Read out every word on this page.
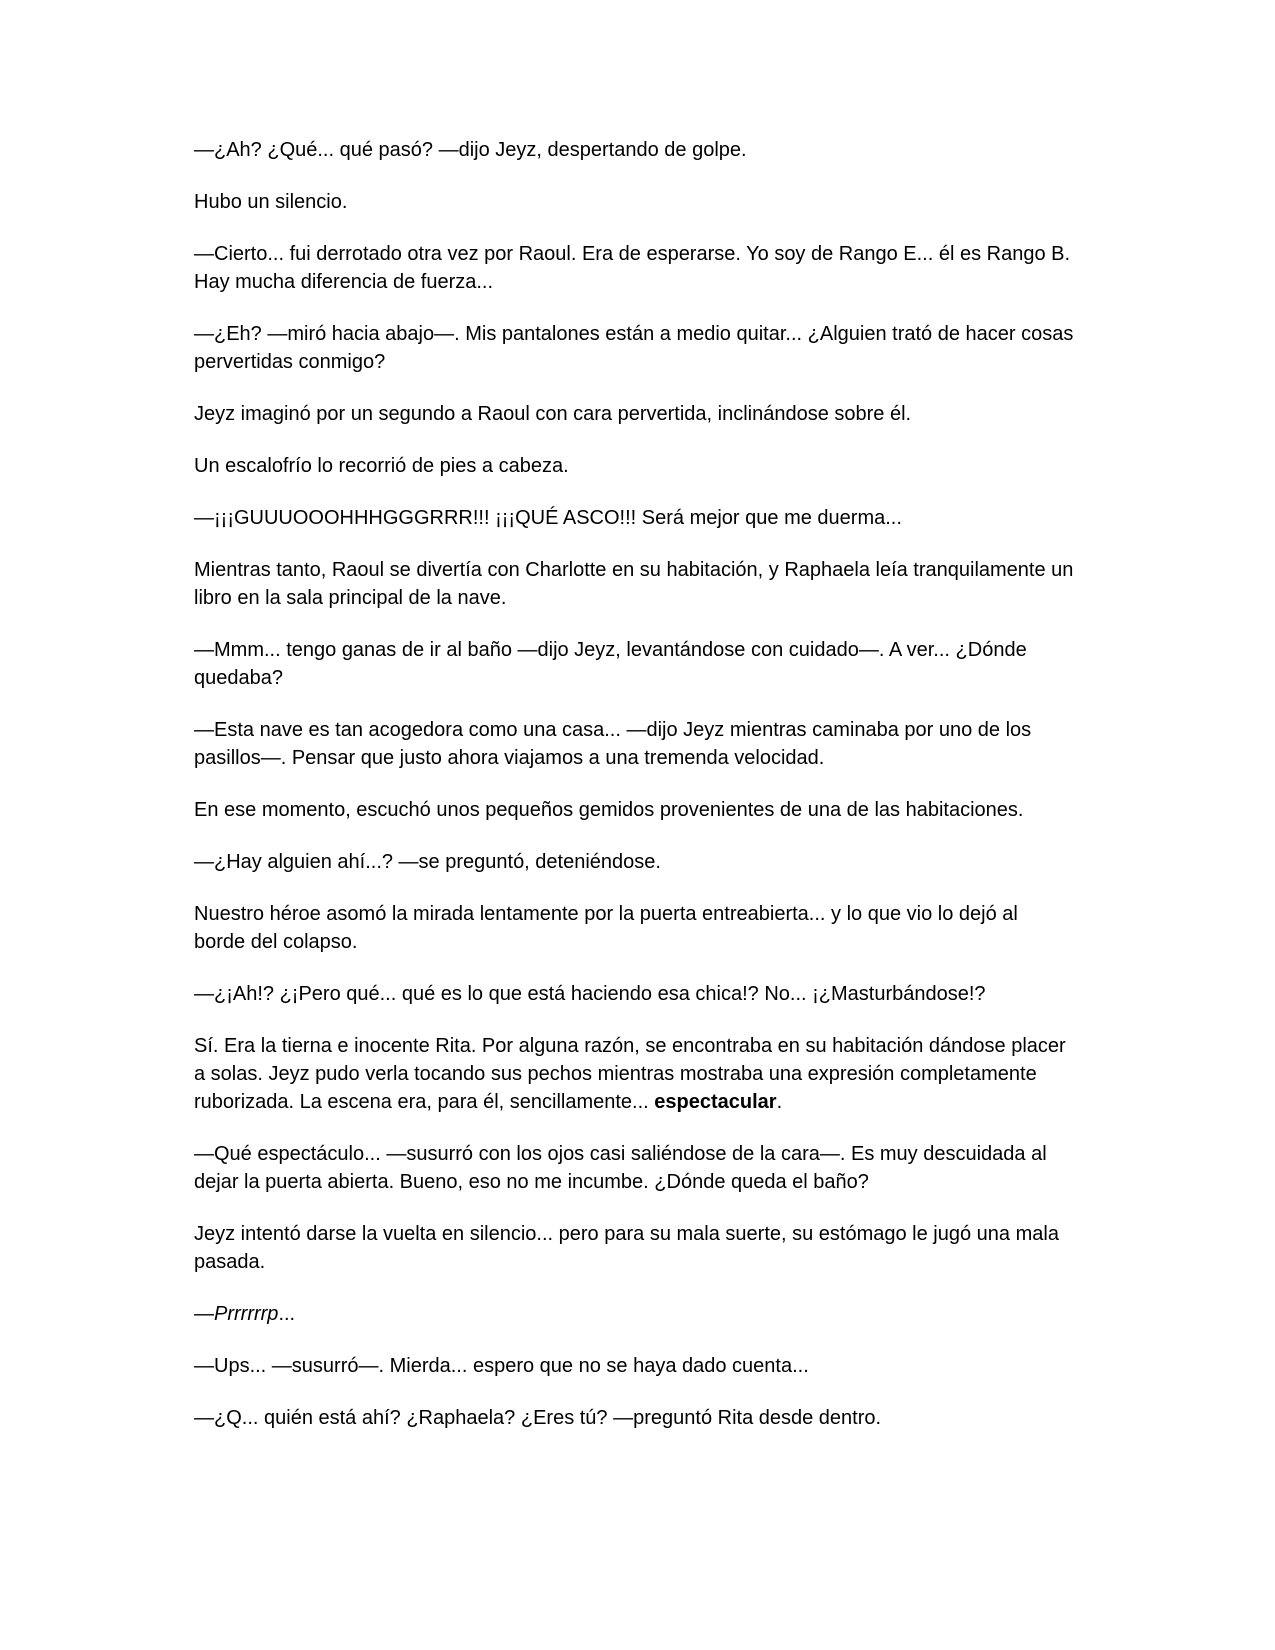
—¿Ah? ¿Qué... qué pasó? —dijo Jeyz, despertando de golpe.

Hubo un silencio.

—Cierto... fui derrotado otra vez por Raoul. Era de esperarse. Yo soy de Rango E... él es Rango B. Hay mucha diferencia de fuerza...

—¿Eh? —miró hacia abajo—. Mis pantalones están a medio quitar... ¿Alguien trató de hacer cosas pervertidas conmigo?

Jeyz imaginó por un segundo a Raoul con cara pervertida, inclinándose sobre él.

Un escalofrío lo recorrió de pies a cabeza.

—¡¡¡GUUUOOOHHHGGGRRR!!! ¡¡¡QUÉ ASCO!!! Será mejor que me duerma...

Mientras tanto, Raoul se divertía con Charlotte en su habitación, y Raphaela leía tranquilamente un libro en la sala principal de la nave.

—Mmm... tengo ganas de ir al baño —dijo Jeyz, levantándose con cuidado—. A ver... ¿Dónde quedaba?

—Esta nave es tan acogedora como una casa... —dijo Jeyz mientras caminaba por uno de los pasillos—. Pensar que justo ahora viajamos a una tremenda velocidad.

En ese momento, escuchó unos pequeños gemidos provenientes de una de las habitaciones.

—¿Hay alguien ahí...? —se preguntó, deteniéndose.

Nuestro héroe asomó la mirada lentamente por la puerta entreabierta... y lo que vio lo dejó al borde del colapso.

—¿¡Ah!? ¿¡Pero qué... qué es lo que está haciendo esa chica!? No... ¡¿Masturbándose!?

Sí. Era la tierna e inocente Rita. Por alguna razón, se encontraba en su habitación dándose placer a solas. Jeyz pudo verla tocando sus pechos mientras mostraba una expresión completamente ruborizada. La escena era, para él, sencillamente... espectacular.

—Qué espectáculo... —susurró con los ojos casi saliéndose de la cara—. Es muy descuidada al dejar la puerta abierta. Bueno, eso no me incumbe. ¿Dónde queda el baño?

Jeyz intentó darse la vuelta en silencio... pero para su mala suerte, su estómago le jugó una mala pasada.

—Prrrrrrp...

—Ups... —susurró—. Mierda... espero que no se haya dado cuenta...

—¿Q... quién está ahí? ¿Raphaela? ¿Eres tú? —preguntó Rita desde dentro.
